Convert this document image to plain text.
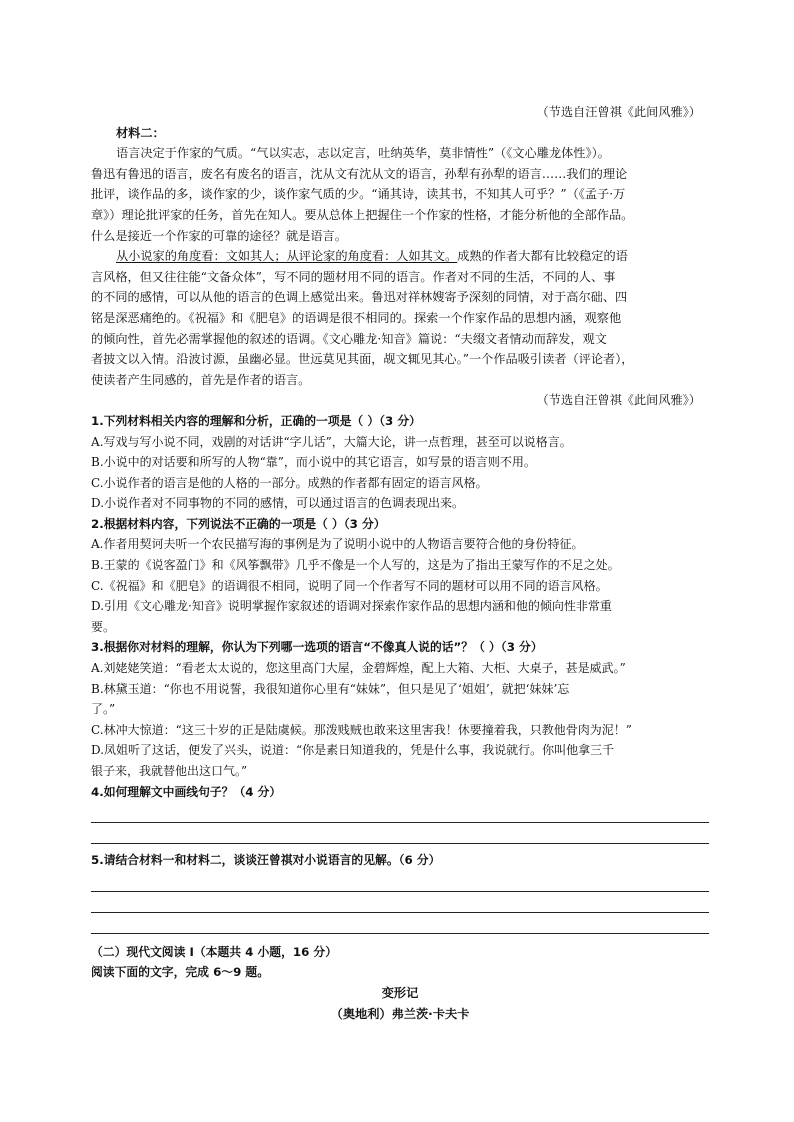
（节选自汪曾祺《此间风雅》）
材料二：
语言决定于作家的气质。“气以实志，志以定言，吐纳英华，莫非情性”（《文心雕龙体性》）。
鲁迅有鲁迅的语言，废名有废名的语言，沈从文有沈从文的语言，孙犁有孙犁的语言……我们的理论
批评，谈作品的多，谈作家的少，谈作家气质的少。“诵其诗，读其书，不知其人可乎？”（《孟子·万
章》）理论批评家的任务，首先在知人。要从总体上把握住一个作家的性格，才能分析他的全部作品。
什么是接近一个作家的可靠的途径？就是语言。
从小说家的角度看：文如其人；从评论家的角度看：人如其文。成熟的作者大都有比较稳定的语
言风格，但又往往能“文备众体”，写不同的题材用不同的语言。作者对不同的生活，不同的人、事
的不同的感情，可以从他的语言的色调上感觉出来。鲁迅对祥林嫂寄予深刻的同情，对于高尔础、四
铭是深恶痛绝的。《祝福》和《肥皂》的语调是很不相同的。探索一个作家作品的思想内涵，观察他
的倾向性，首先必需掌握他的叙述的语调。《文心雕龙·知音》篇说：“夫缀文者情动而辞发，观文
者披文以入情。沿波讨源，虽幽必显。世远莫见其面，觇文辄见其心。”一个作品吸引读者（评论者），
使读者产生同感的，首先是作者的语言。
（节选自汪曾祺《此间风雅》）
1.下列材料相关内容的理解和分析，正确的一项是（ ）（3 分）
A.写戏与写小说不同，戏剧的对话讲“字儿话”，大篇大论，讲一点哲理，甚至可以说格言。
B.小说中的对话要和所写的人物“靠”，而小说中的其它语言，如写景的语言则不用。
C.小说作者的语言是他的人格的一部分。成熟的作者都有固定的语言风格。
D.小说作者对不同事物的不同的感情，可以通过语言的色调表现出来。
2.根据材料内容，下列说法不正确的一项是（ ）（3 分）
A.作者用契诃夫听一个农民描写海的事例是为了说明小说中的人物语言要符合他的身份特征。
B.王蒙的《说客盈门》和《风筝飘带》几乎不像是一个人写的，这是为了指出王蒙写作的不足之处。
C.《祝福》和《肥皂》的语调很不相同，说明了同一个作者写不同的题材可以用不同的语言风格。
D.引用《文心雕龙·知音》说明掌握作家叙述的语调对探索作家作品的思想内涵和他的倾向性非常重
要。
3.根据你对材料的理解，你认为下列哪一选项的语言“不像真人说的话”？（ ）（3 分）
A.刘姥姥笑道：“看老太太说的，您这里高门大屋，金碧辉煌，配上大箱、大柜、大桌子，甚是威武。”
B.林黛玉道：“你也不用说誓，我很知道你心里有“妹妹”，但只是见了‘姐姐’，就把‘妹妹’忘
了。”
C.林冲大惊道：“这三十岁的正是陆虞候。那泼贱贼也敢来这里害我！休要撞着我，只教他骨肉为泥！”
D.凤姐听了这话，便发了兴头，说道：“你是素日知道我的，凭是什么事，我说就行。你叫他拿三千
银子来，我就替他出这口气。”
4.如何理解文中画线句子？（4 分）
5.请结合材料一和材料二，谈谈汪曾祺对小说语言的见解。（6 分）
（二）现代文阅读 I（本题共 4 小题，16 分）
阅读下面的文字，完成 6～9 题。
变形记
（奥地利）弗兰茨·卡夫卡
